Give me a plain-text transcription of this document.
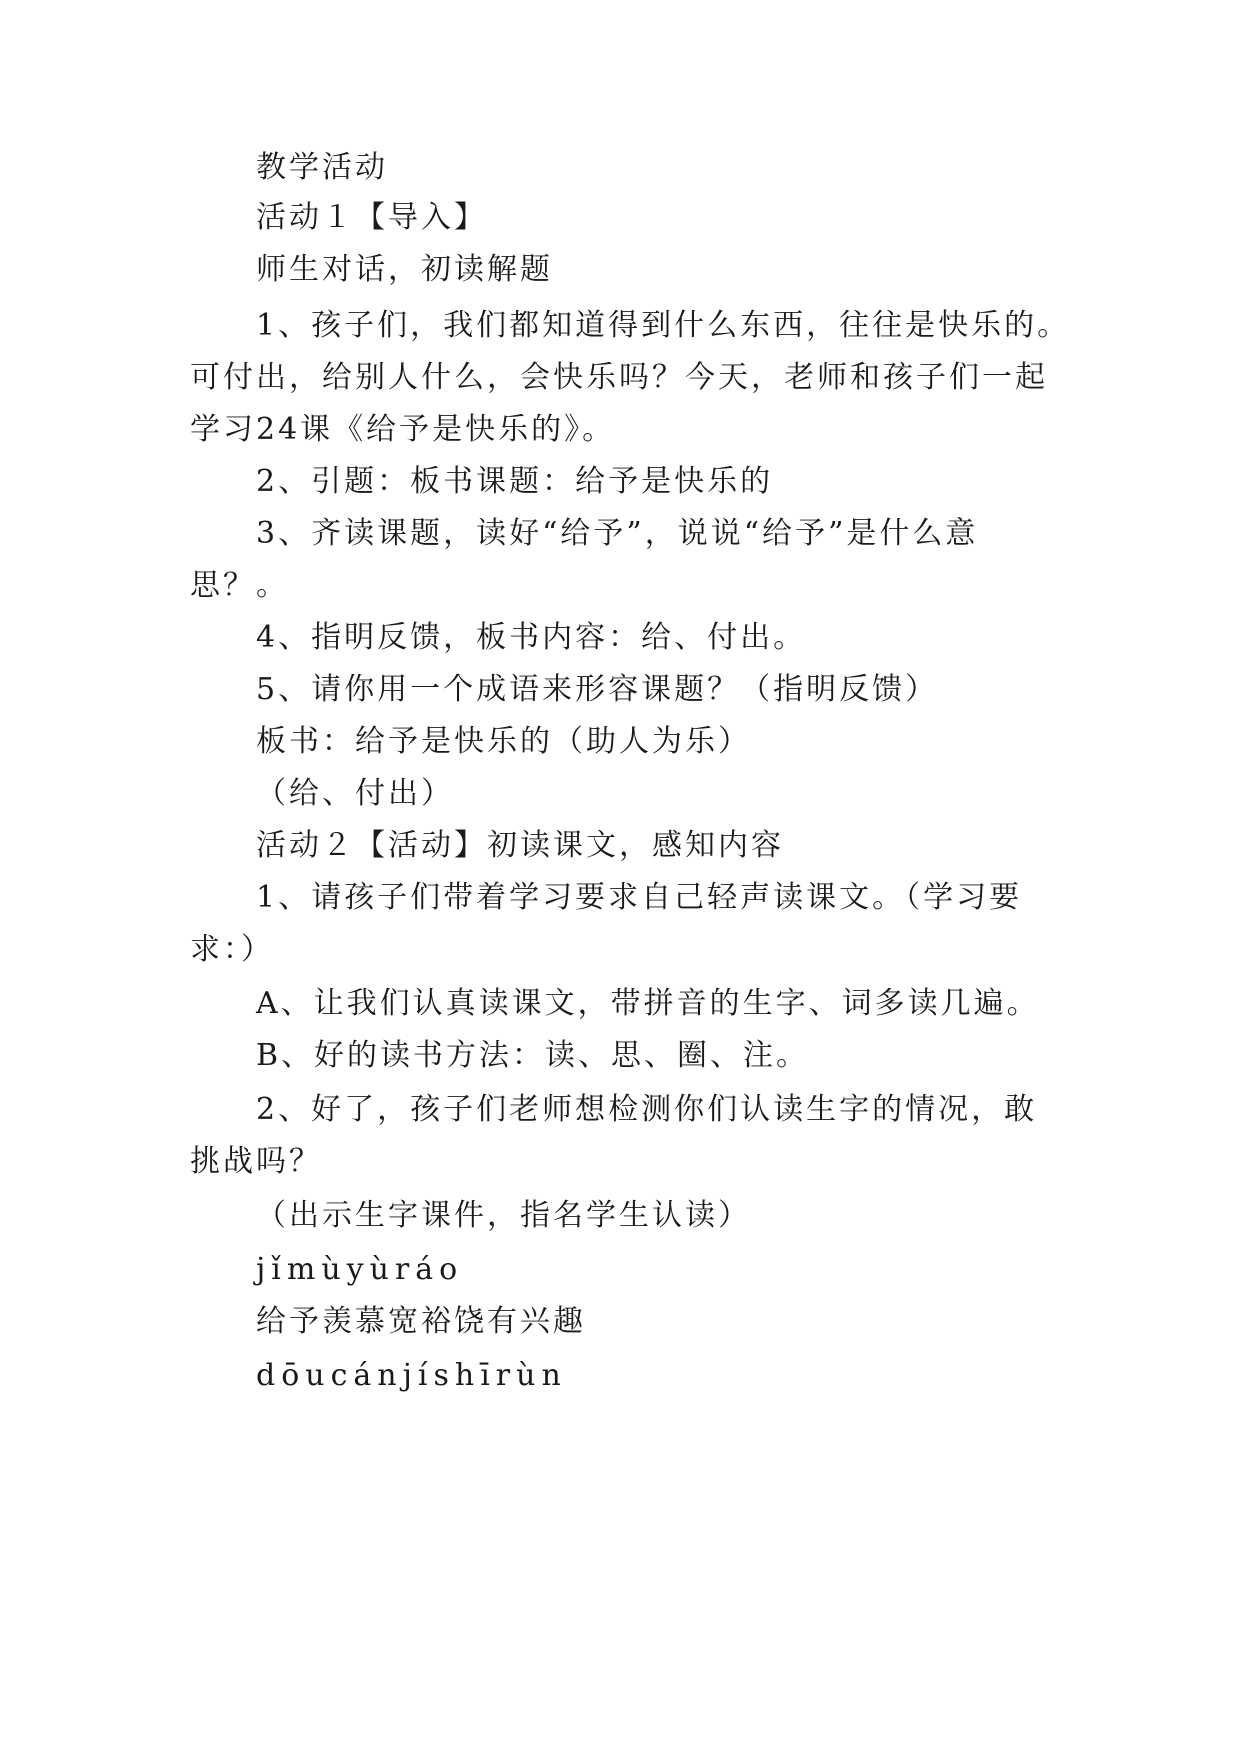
教学活动
活动１【导入】
师生对话，初读解题
1、孩子们，我们都知道得到什么东西，往往是快乐的。
可付出，给别人什么，会快乐吗？今天，老师和孩子们一起
学习24课《给予是快乐的》。
2、引题：板书课题：给予是快乐的
3、齐读课题，读好“给予”，说说“给予”是什么意
思？。
4、指明反馈，板书内容：给、付出。
5、请你用一个成语来形容课题？（指明反馈）
板书：给予是快乐的（助人为乐）
（给、付出）
活动２【活动】初读课文，感知内容
1、请孩子们带着学习要求自己轻声读课文。（学习要
求：）
A、让我们认真读课文，带拼音的生字、词多读几遍。
B、好的读书方法：读、思、圈、注。
2、好了，孩子们老师想检测你们认读生字的情况，敢
挑战吗？
（出示生字课件，指名学生认读）
jǐmùyùráo
给予羡慕宽裕饶有兴趣
dōucánjíshīrùn
